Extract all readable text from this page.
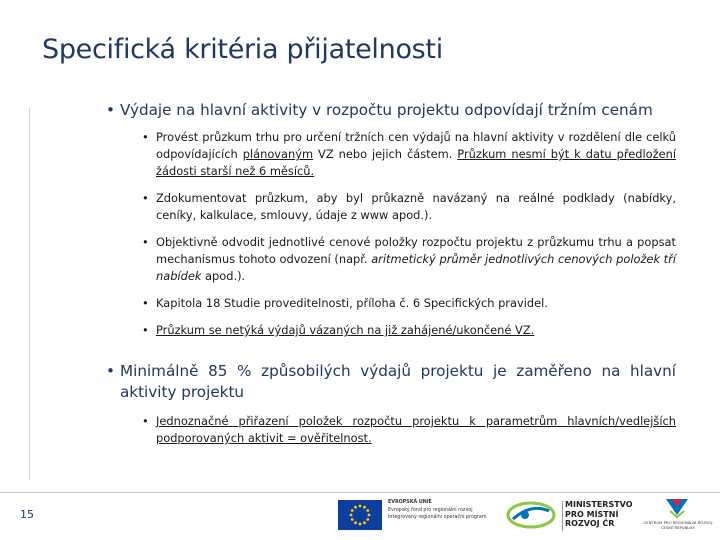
Specifická kritéria přijatelnosti
• Výdaje na hlavní aktivity v rozpočtu projektu odpovídají tržním cenám
• Provést průzkum trhu pro určení tržních cen výdajů na hlavní aktivity v rozdělení dle celků odpovídajících plánovaným VZ nebo jejich částem. Průzkum nesmí být k datu předložení žádosti starší než 6 měsíců.
• Zdokumentovat průzkum, aby byl průkazně navázaný na reálné podklady (nabídky, ceníky, kalkulace, smlouvy, údaje z www apod.).
• Objektivně odvodit jednotlivé cenové položky rozpočtu projektu z průzkumu trhu a popsat mechanismus tohoto odvození (např. aritmetický průměr jednotlivých cenových položek tří nabídek apod.).
• Kapitola 18 Studie proveditelnosti, příloha č. 6 Specifických pravidel.
• Průzkum se netýká výdajů vázaných na již zahájené/ukončené VZ.
• Minimálně 85 % způsobilých výdajů projektu je zaměřeno na hlavní aktivity projektu
• Jednoznačné přiřazení položek rozpočtu projektu k parametrům hlavních/vedlejších podporovaných aktivit = ověřitelnost.
15
EVROPSKÁ UNIE
Evropský fond pro regionální rozvoj
Integrovaný regionální operační program
MINISTERSTVO
PRO MÍSTNÍ
ROZVOJ ČR	CENTRUM PRO REGIONÁLNÍ ROZVOJ ČESKÉ REPUBLIKY
